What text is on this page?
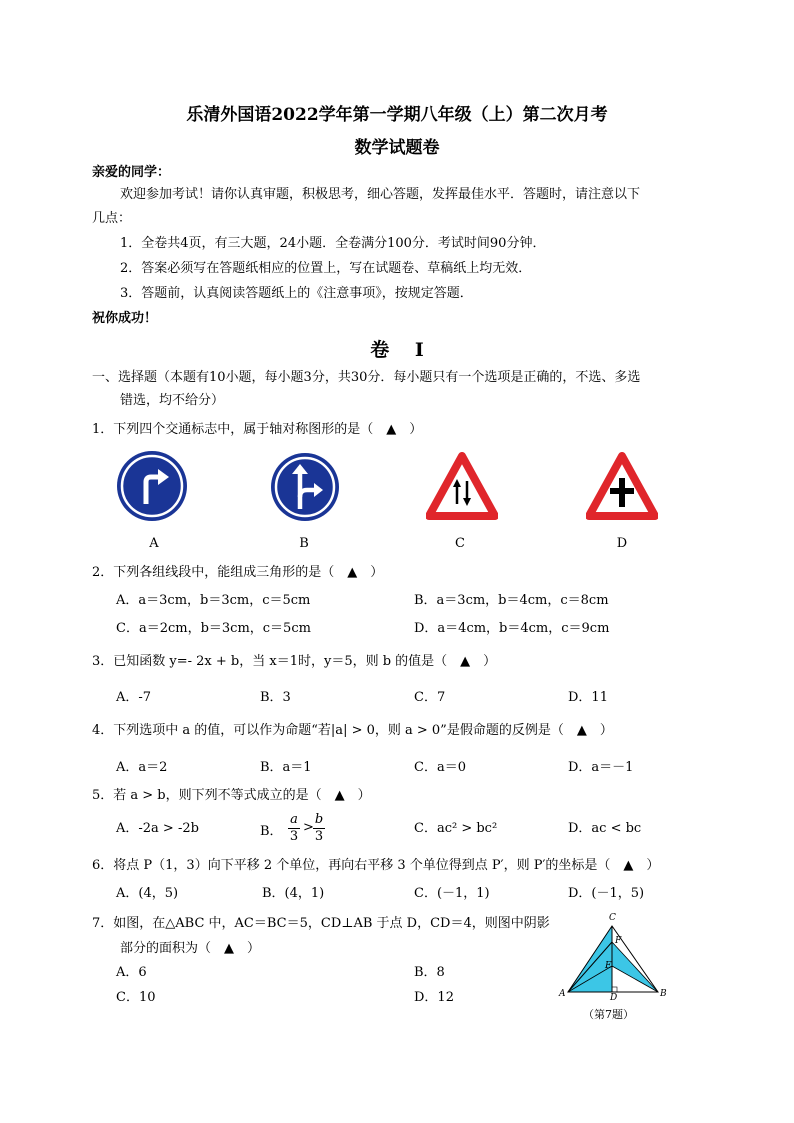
乐清外国语2022学年第一学期八年级（上）第二次月考
数学试题卷
亲爱的同学：
欢迎参加考试！请你认真审题，积极思考，细心答题，发挥最佳水平．答题时，请注意以下
几点：
1．全卷共4页，有三大题，24小题．全卷满分100分．考试时间90分钟．
2．答案必须写在答题纸相应的位置上，写在试题卷、草稿纸上均无效．
3．答题前，认真阅读答题纸上的《注意事项》，按规定答题．
祝你成功！
卷　 Ⅰ
一、选择题（本题有10小题，每小题3分，共30分．每小题只有一个选项是正确的，不选、多选
错选，均不给分）
1．下列四个交通标志中，属于轴对称图形的是（　▲　）
A	B	C	D
2．下列各组线段中，能组成三角形的是（　▲　）
A．a＝3cm，b＝3cm，c＝5cm	B．a＝3cm，b＝4cm，c＝8cm
C．a＝2cm，b＝3cm，c＝5cm	D．a＝4cm，b＝4cm，c＝9cm
3．已知函数 y=- 2x + b，当 x＝1时，y＝5，则 b 的值是（　▲　）
A．-7	B．3	C．7	D．11
4．下列选项中 a 的值，可以作为命题“若|a| > 0，则 a > 0”是假命题的反例是（　▲　）
A．a＝2	B．a＝1	C．a＝0	D．a＝－1
5．若 a > b，则下列不等式成立的是（　▲　）
A．-2a > -2b	B．
a
3
>
b
3
C．ac² > bc²	D．ac < bc
6．将点 P（1，3）向下平移 2 个单位，再向右平移 3 个单位得到点 P′，则 P′的坐标是（　▲　）
A．(4，5)	B．(4，1)	C．(－1，1)	D．(－1，5)
7．如图，在△ABC 中，AC＝BC＝5，CD⊥AB 于点 D，CD＝4，则图中阴影
部分的面积为（　▲　）
A．6	B．8
C．10	D．12
C
F
E
A	D	B
（第7题）
